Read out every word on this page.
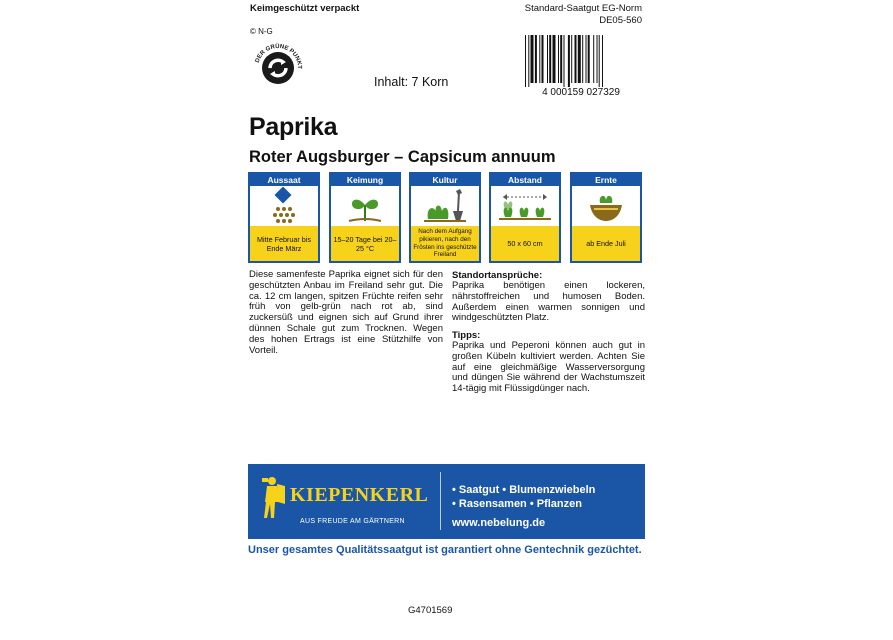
Keimgeschützt verpackt
© N-G
Standard-Saatgut EG-Norm
DE05-560
DER GRÜNE PUNKT
Inhalt: 7 Korn
4 000159 027329
Paprika
Roter Augsburger – Capsicum annuum
Aussaat
Mitte Februar bis Ende März
Keimung
15–20 Tage bei 20–25 °C
Kultur
Nach dem Aufgang pikieren, nach den Frösten ins geschützte Freiland
Abstand
50 x 60 cm
Ernte
ab Ende Juli
Diese samenfeste Paprika eignet sich für den geschützten Anbau im Freiland sehr gut. Die ca. 12 cm langen, spitzen Früchte reifen sehr früh von gelb-grün nach rot ab, sind zuckersüß und eignen sich auf Grund ihrer dünnen Schale gut zum Trocknen. Wegen des hohen Ertrags ist eine Stützhilfe von Vorteil.
Standortansprüche:
Paprika benötigen einen lockeren, nährstoffreichen und humosen Boden. Außerdem einen warmen sonnigen und windgeschützten Platz.
Tipps:
Paprika und Peperoni können auch gut in großen Kübeln kultiviert werden. Achten Sie auf eine gleichmäßige Wasserversorgung und düngen Sie während der Wachstumszeit 14-tägig mit Flüssigdünger nach.
KIEPENKERL
AUS FREUDE AM GÄRTNERN
• Saatgut • Blumenzwiebeln
• Rasensamen • Pflanzen
www.nebelung.de
Unser gesamtes Qualitätssaatgut ist garantiert ohne Gentechnik gezüchtet.
G4701569
